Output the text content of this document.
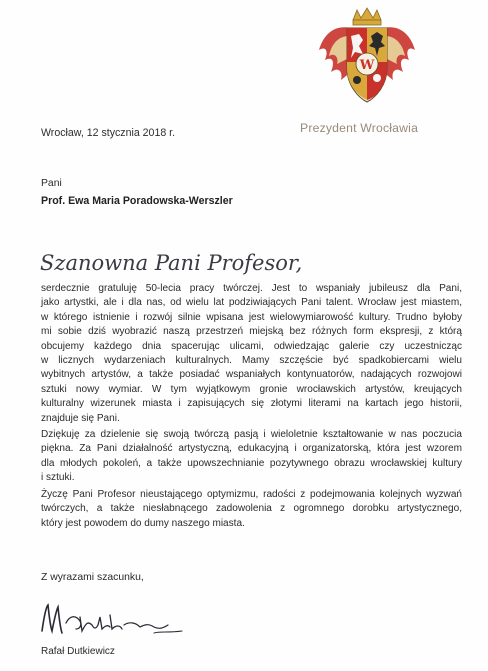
W
Prezydent Wrocławia
Wrocław, 12 stycznia 2018 r.
Pani
Prof. Ewa Maria Poradowska-Werszler
Szanowna Pani Profesor,
serdecznie gratuluję 50-lecia pracy twórczej. Jest to wspaniały jubileusz dla Pani,
jako artystki, ale i dla nas, od wielu lat podziwiających Pani talent. Wrocław jest miastem,
w którego istnienie i rozwój silnie wpisana jest wielowymiarowość kultury. Trudno byłoby
mi sobie dziś wyobrazić naszą przestrzeń miejską bez różnych form ekspresji, z którą
obcujemy każdego dnia spacerując ulicami, odwiedzając galerie czy uczestnicząc
w licznych wydarzeniach kulturalnych. Mamy szczęście być spadkobiercami wielu
wybitnych artystów, a także posiadać wspaniałych kontynuatorów, nadających rozwojowi
sztuki nowy wymiar. W tym wyjątkowym gronie wrocławskich artystów, kreujących
kulturalny wizerunek miasta i zapisujących się złotymi literami na kartach jego historii,
znajduje się Pani.
Dziękuję za dzielenie się swoją twórczą pasją i wieloletnie kształtowanie w nas poczucia
piękna. Za Pani działalność artystyczną, edukacyjną i organizatorską, która jest wzorem
dla młodych pokoleń, a także upowszechnianie pozytywnego obrazu wrocławskiej kultury
i sztuki.
Życzę Pani Profesor nieustającego optymizmu, radości z podejmowania kolejnych wyzwań
twórczych, a także niesłabnącego zadowolenia z ogromnego dorobku artystycznego,
który jest powodem do dumy naszego miasta.
Z wyrazami szacunku,
Rafał Dutkiewicz
